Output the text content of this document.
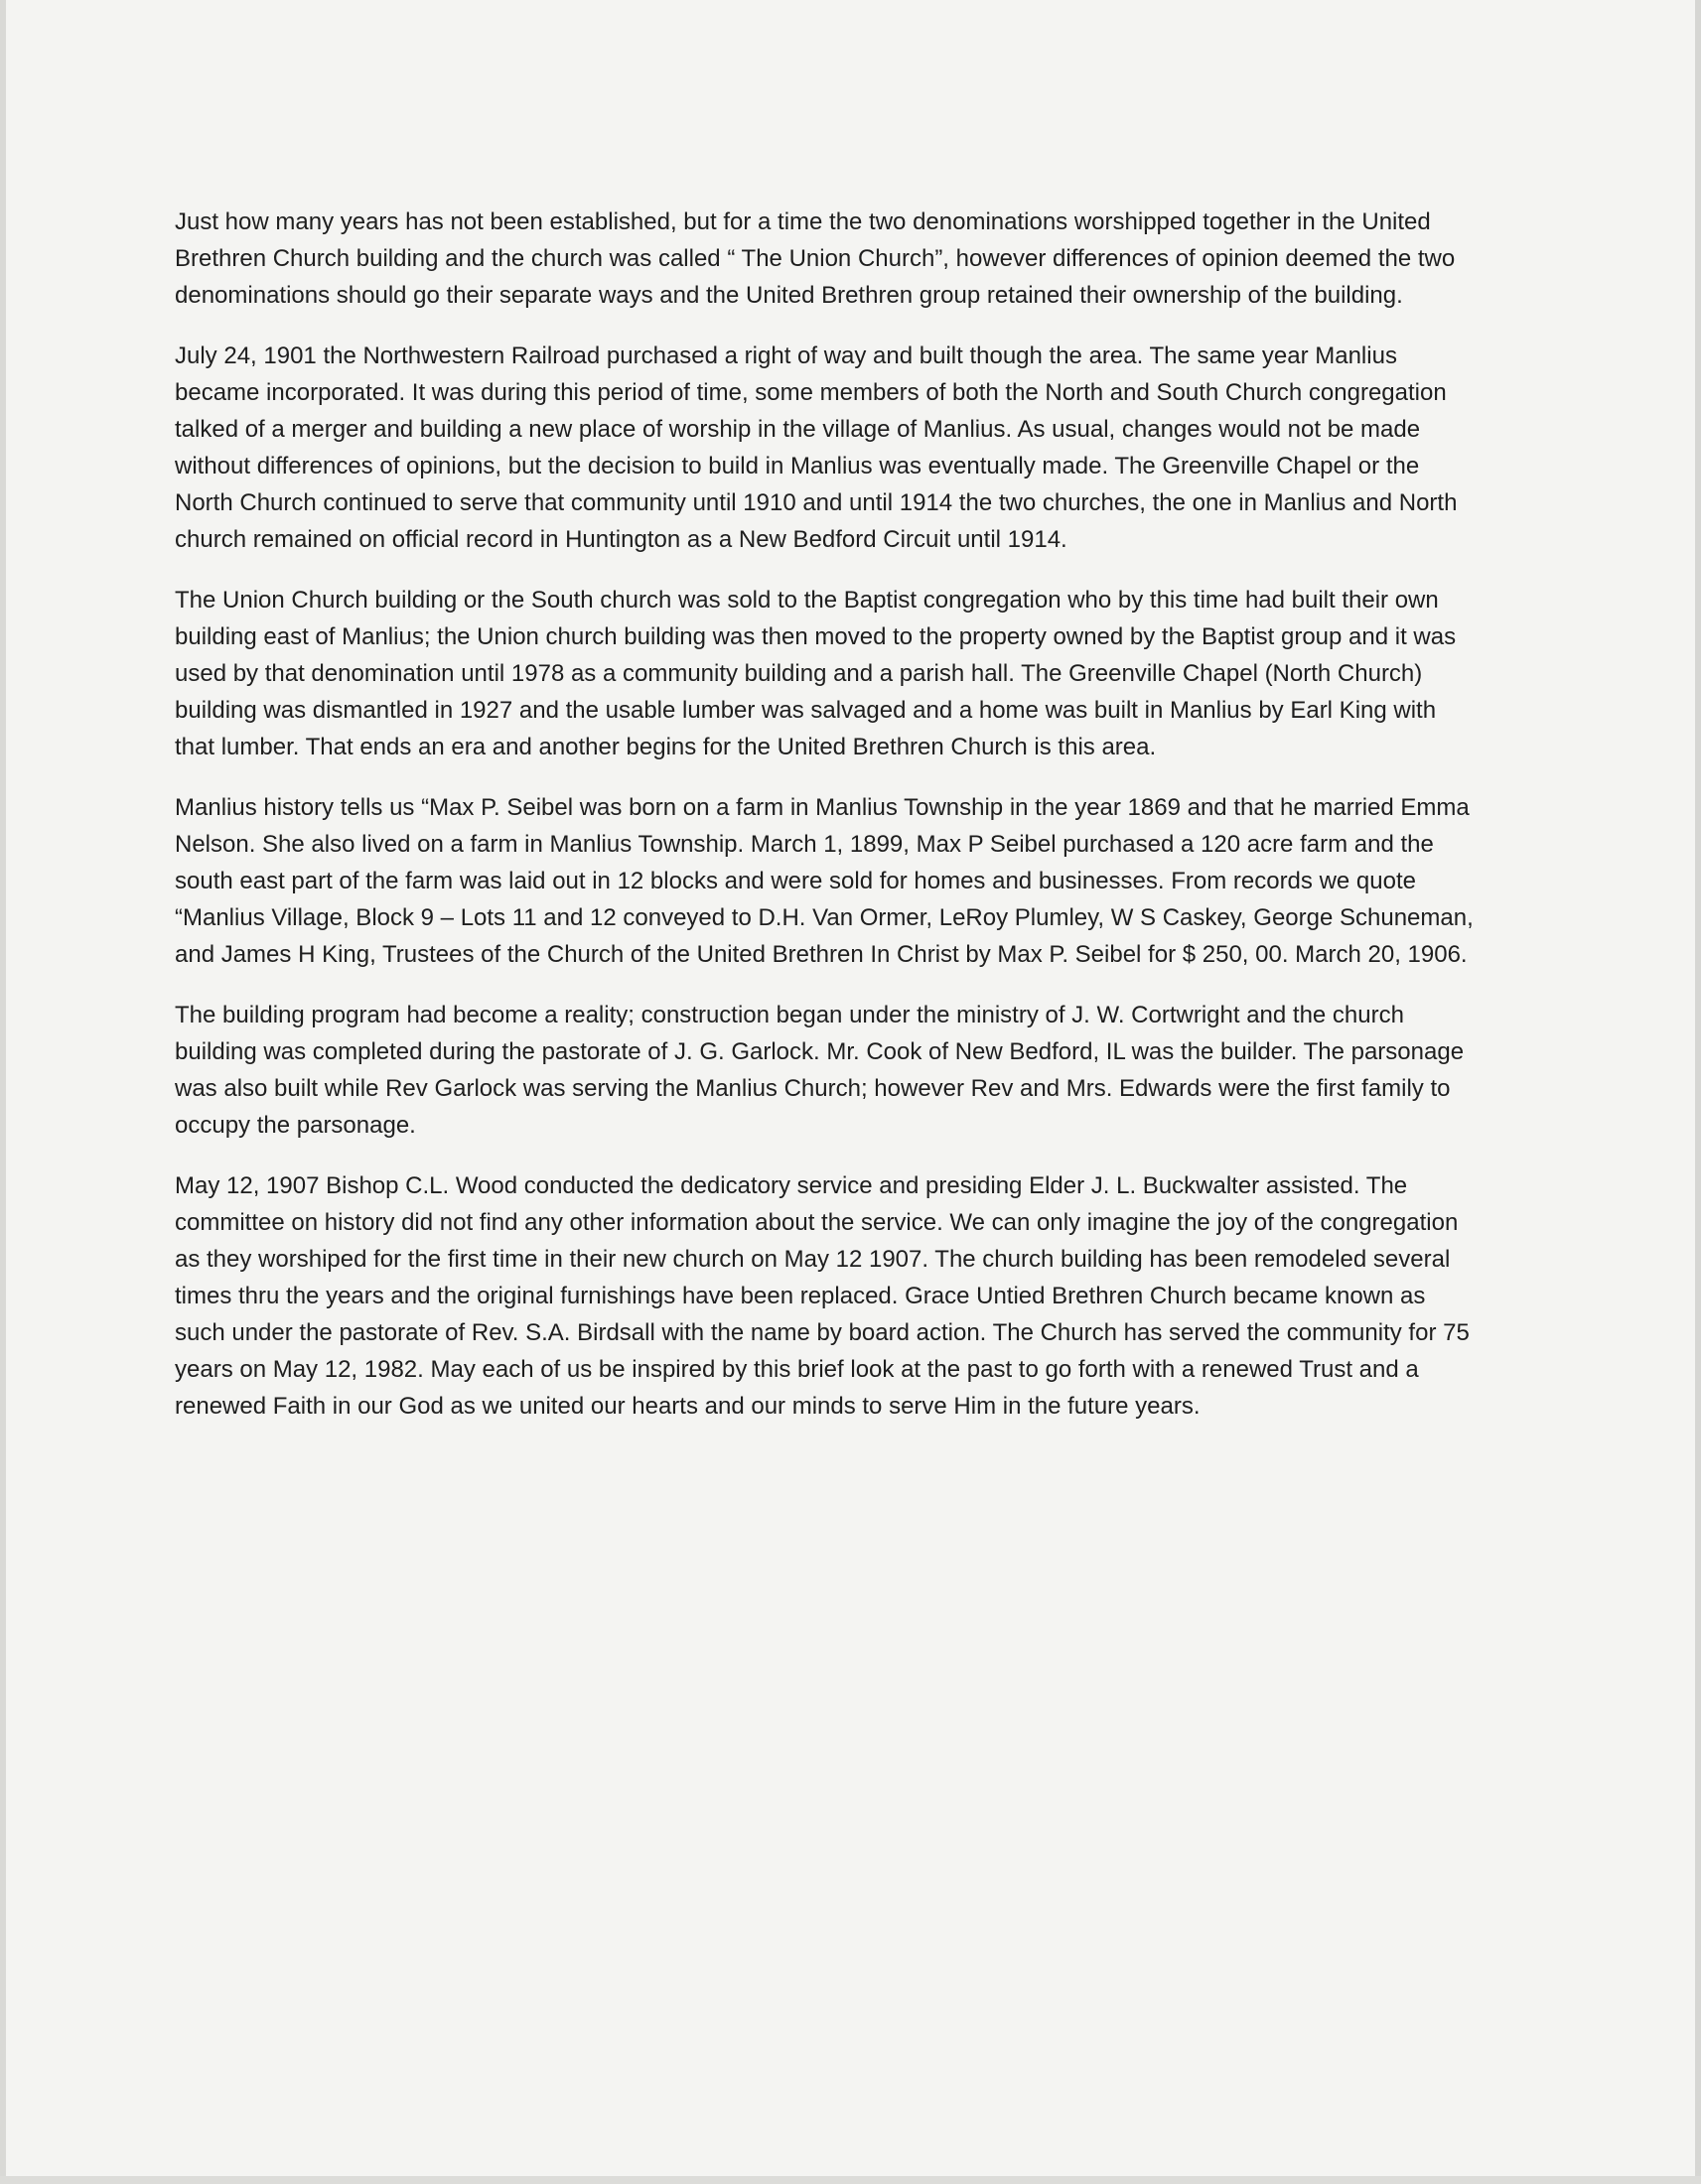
Just how many years has not been established, but for a time the two denominations worshipped together in the United Brethren Church building and the church was called “ The Union Church”, however differences of opinion deemed the two denominations should go their separate ways and the United Brethren group retained their ownership of the building.

July 24, 1901 the Northwestern Railroad purchased a right of way and built though the area. The same year Manlius became incorporated. It was during this period of time, some members of both the North and South Church congregation talked of a merger and building a new place of worship in the village of Manlius. As usual, changes would not be made without differences of opinions, but the decision to build in Manlius was eventually made. The Greenville Chapel or the North Church continued to serve that community until 1910 and until 1914 the two churches, the one in Manlius and North church remained on official record in Huntington as a New Bedford Circuit until 1914.

The Union Church building or the South church was sold to the Baptist congregation who by this time had built their own building east of Manlius; the Union church building was then moved to the property owned by the Baptist group and it was used by that denomination until 1978 as a community building and a parish hall. The Greenville Chapel (North Church) building was dismantled in 1927 and the usable lumber was salvaged and a home was built in Manlius by Earl King with that lumber. That ends an era and another begins for the United Brethren Church is this area.

Manlius history tells us “Max P. Seibel was born on a farm in Manlius Township in the year 1869 and that he married Emma Nelson. She also lived on a farm in Manlius Township. March 1, 1899, Max P Seibel purchased a 120 acre farm and the south east part of the farm was laid out in 12 blocks and were sold for homes and businesses. From records we quote “Manlius Village, Block 9 – Lots 11 and 12 conveyed to D.H. Van Ormer, LeRoy Plumley, W S Caskey, George Schuneman, and James H King, Trustees of the Church of the United Brethren In Christ by Max P. Seibel for $ 250, 00. March 20, 1906.

The building program had become a reality; construction began under the ministry of J. W. Cortwright and the church building was completed during the pastorate of J. G. Garlock. Mr. Cook of New Bedford, IL was the builder. The parsonage was also built while Rev Garlock was serving the Manlius Church; however Rev and Mrs. Edwards were the first family to occupy the parsonage.

May 12, 1907 Bishop C.L. Wood conducted the dedicatory service and presiding Elder J. L. Buckwalter assisted. The committee on history did not find any other information about the service. We can only imagine the joy of the congregation as they worshiped for the first time in their new church on May 12 1907. The church building has been remodeled several times thru the years and the original furnishings have been replaced. Grace Untied Brethren Church became known as such under the pastorate of Rev. S.A. Birdsall with the name by board action. The Church has served the community for 75 years on May 12, 1982. May each of us be inspired by this brief look at the past to go forth with a renewed Trust and a renewed Faith in our God as we united our hearts and our minds to serve Him in the future years.
